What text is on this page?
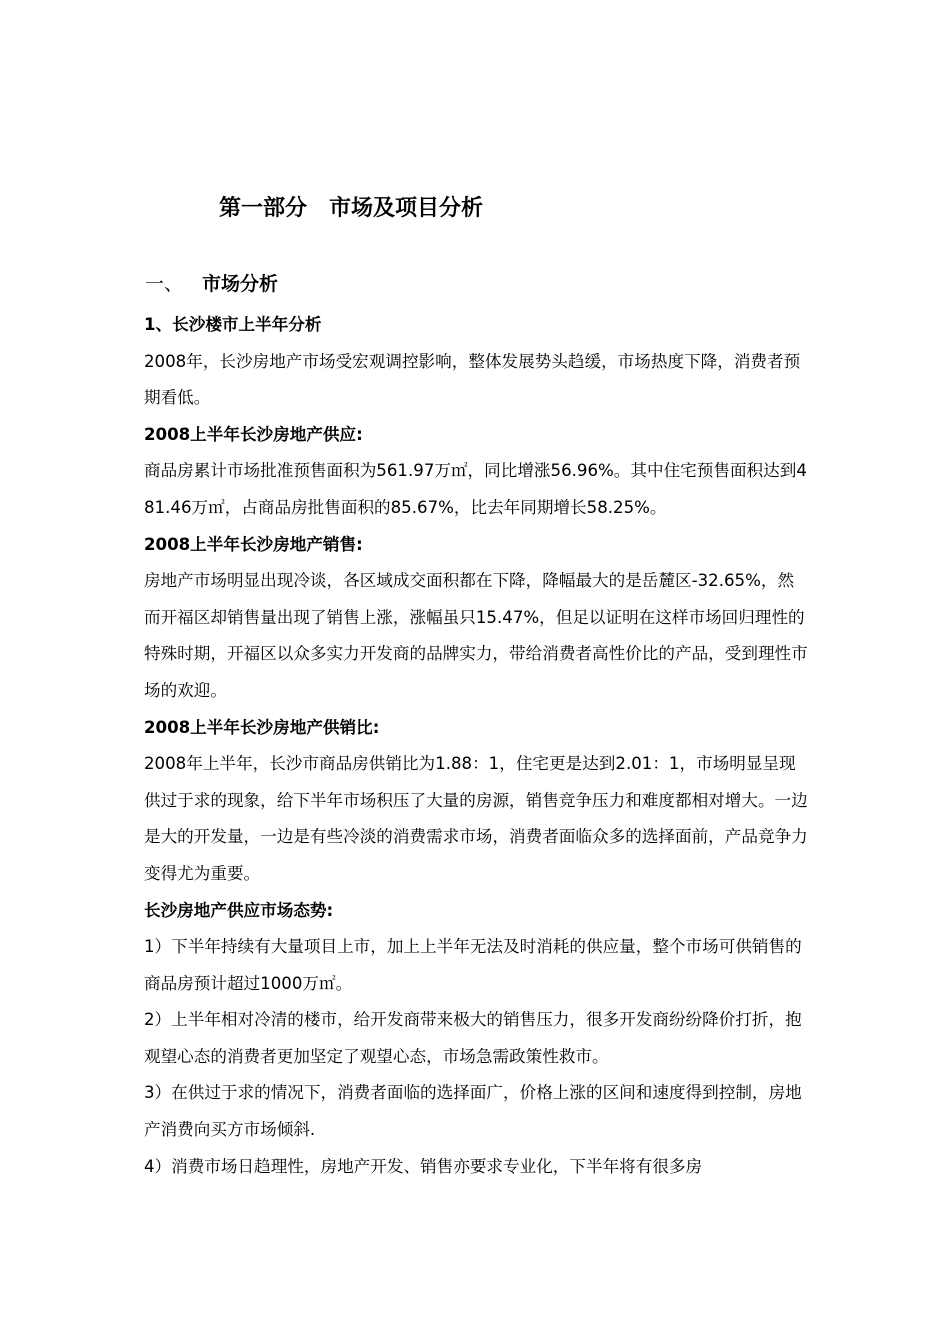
第一部分　市场及项目分析
一、 市场分析

1、长沙楼市上半年分析

2008年，长沙房地产市场受宏观调控影响，整体发展势头趋缓，市场热度下降，消费者预期看低。

2008上半年长沙房地产供应:

商品房累计市场批准预售面积为561.97万㎡，同比增涨56.96%。其中住宅预售面积达到481.46万㎡，占商品房批售面积的85.67%，比去年同期增长58.25%。

2008上半年长沙房地产销售:

房地产市场明显出现冷谈，各区域成交面积都在下降，降幅最大的是岳麓区-32.65%，然而开福区却销售量出现了销售上涨，涨幅虽只15.47%，但足以证明在这样市场回归理性的特殊时期，开福区以众多实力开发商的品牌实力，带给消费者高性价比的产品，受到理性市场的欢迎。

2008上半年长沙房地产供销比:

2008年上半年，长沙市商品房供销比为1.88：1，住宅更是达到2.01：1，市场明显呈现供过于求的现象，给下半年市场积压了大量的房源，销售竞争压力和难度都相对增大。一边是大的开发量，一边是有些冷淡的消费需求市场，消费者面临众多的选择面前，产品竞争力变得尤为重要。

长沙房地产供应市场态势:

1）下半年持续有大量项目上市，加上上半年无法及时消耗的供应量，整个市场可供销售的商品房预计超过1000万㎡。

2）上半年相对冷清的楼市，给开发商带来极大的销售压力，很多开发商纷纷降价打折，抱观望心态的消费者更加坚定了观望心态，市场急需政策性救市。

3）在供过于求的情况下，消费者面临的选择面广，价格上涨的区间和速度得到控制，房地产消费向买方市场倾斜.

4）消费市场日趋理性，房地产开发、销售亦要求专业化，下半年将有很多房
